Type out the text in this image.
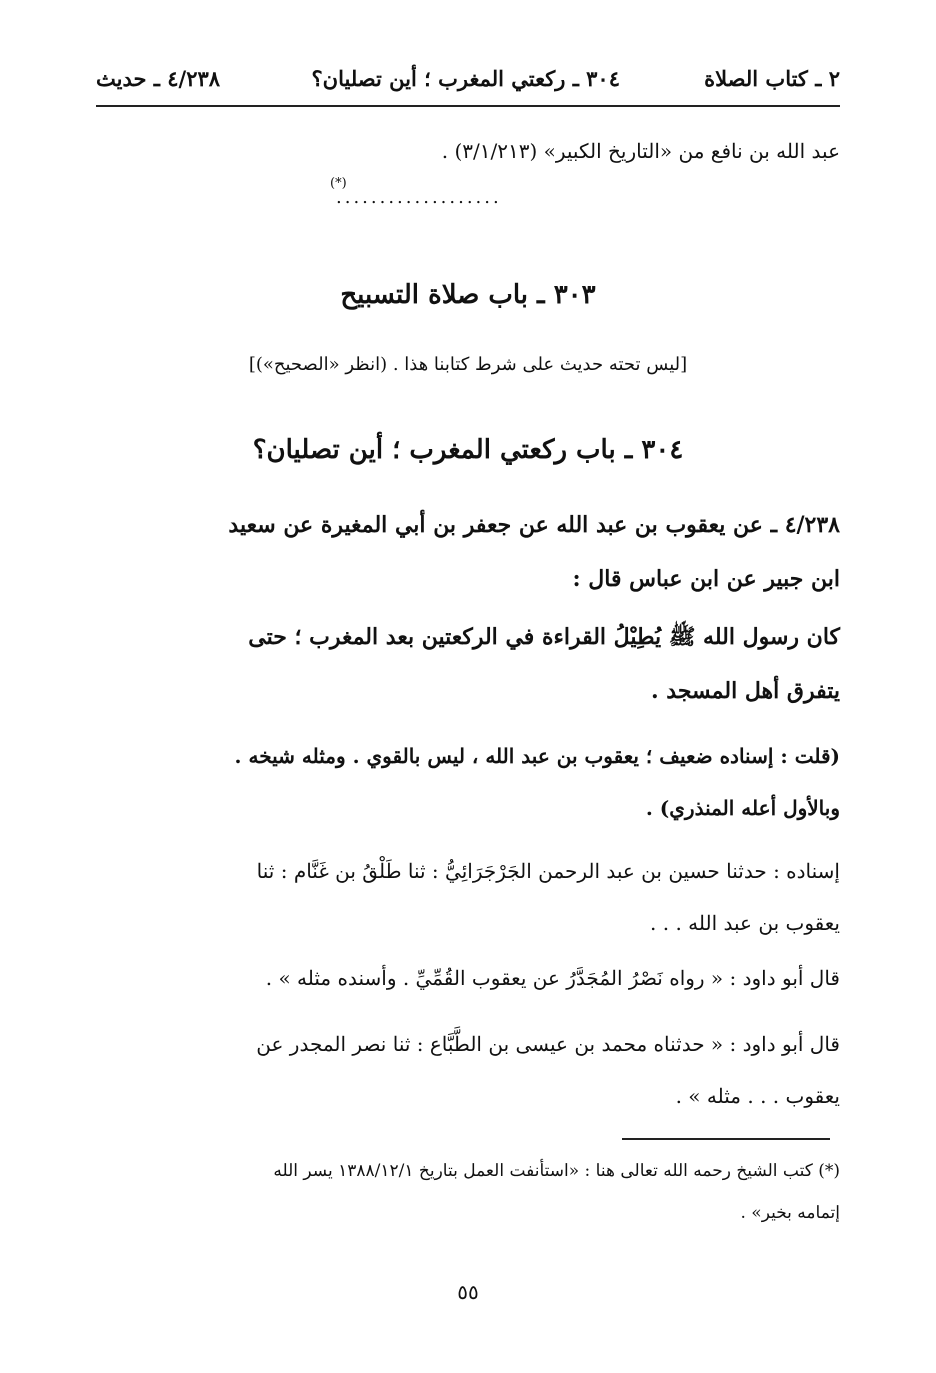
٢ ـ كتاب الصلاة
٣٠٤ ـ ركعتي المغرب ؛ أين تصليان؟
٤/٢٣٨ ـ حديث
عبد الله بن نافع من «التاريخ الكبير» (٣/١/٢١٣) .
(*)
...................
٣٠٣ ـ باب صلاة التسبيح
[ليس تحته حديث على شرط كتابنا هذا . (انظر «الصحيح»)]
٣٠٤ ـ باب ركعتي المغرب ؛ أين تصليان؟
٤/٢٣٨ ـ عن يعقوب بن عبد الله عن جعفر بن أبي المغيرة عن سعيد
ابن جبير عن ابن عباس قال :
كان رسول الله ﷺ يُطِيْلُ القراءة في الركعتين بعد المغرب ؛ حتى
يتفرق أهل المسجد .
(قلت : إسناده ضعيف ؛ يعقوب بن عبد الله ، ليس بالقوي . ومثله شيخه .
وبالأول أعله المنذري) .
إسناده : حدثنا حسين بن عبد الرحمن الجَرْجَرَائِيُّ : ثنا طَلْقُ بن غَنَّام : ثنا
يعقوب بن عبد الله . . .
قال أبو داود : « رواه نَصْرُ المُجَدَّرُ عن يعقوب القُمِّيِّ . وأسنده مثله » .
قال أبو داود : « حدثناه محمد بن عيسى بن الطَّبَّاع : ثنا نصر المجدر عن
يعقوب . . . مثله » .
(*) كتب الشيخ رحمه الله تعالى هنا : «استأنفت العمل بتاريخ ١٣٨٨/١٢/١ يسر الله
إتمامه بخير» .
٥٥
